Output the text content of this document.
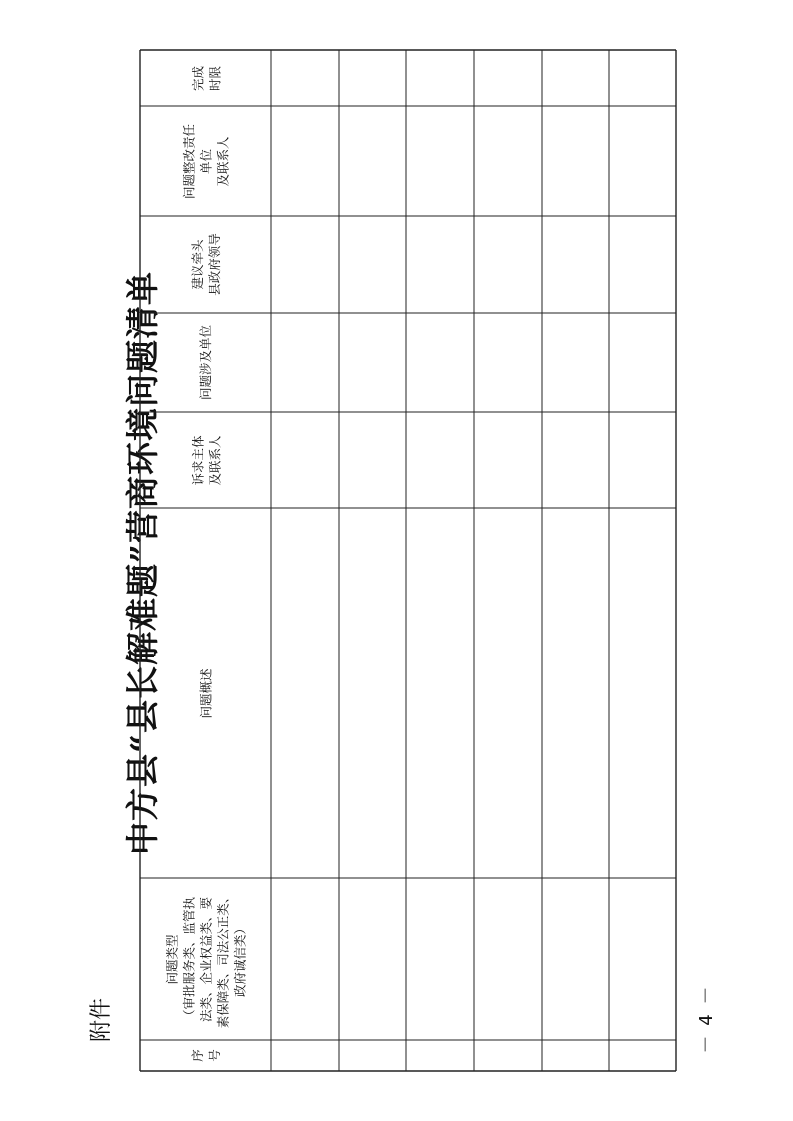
附件	－ 4 －
中方县“县长解难题”营商环境问题清单
完成 时限
问题整改责任 单位 及联系人
建议牵头 县政府领导
问题涉及单位
诉求主体 及联系人
问题概述
问题类型 （审批服务类、监管执 法类、企业权益类、要 素保障类、司法公正类、 政府诚信类）
序 号
